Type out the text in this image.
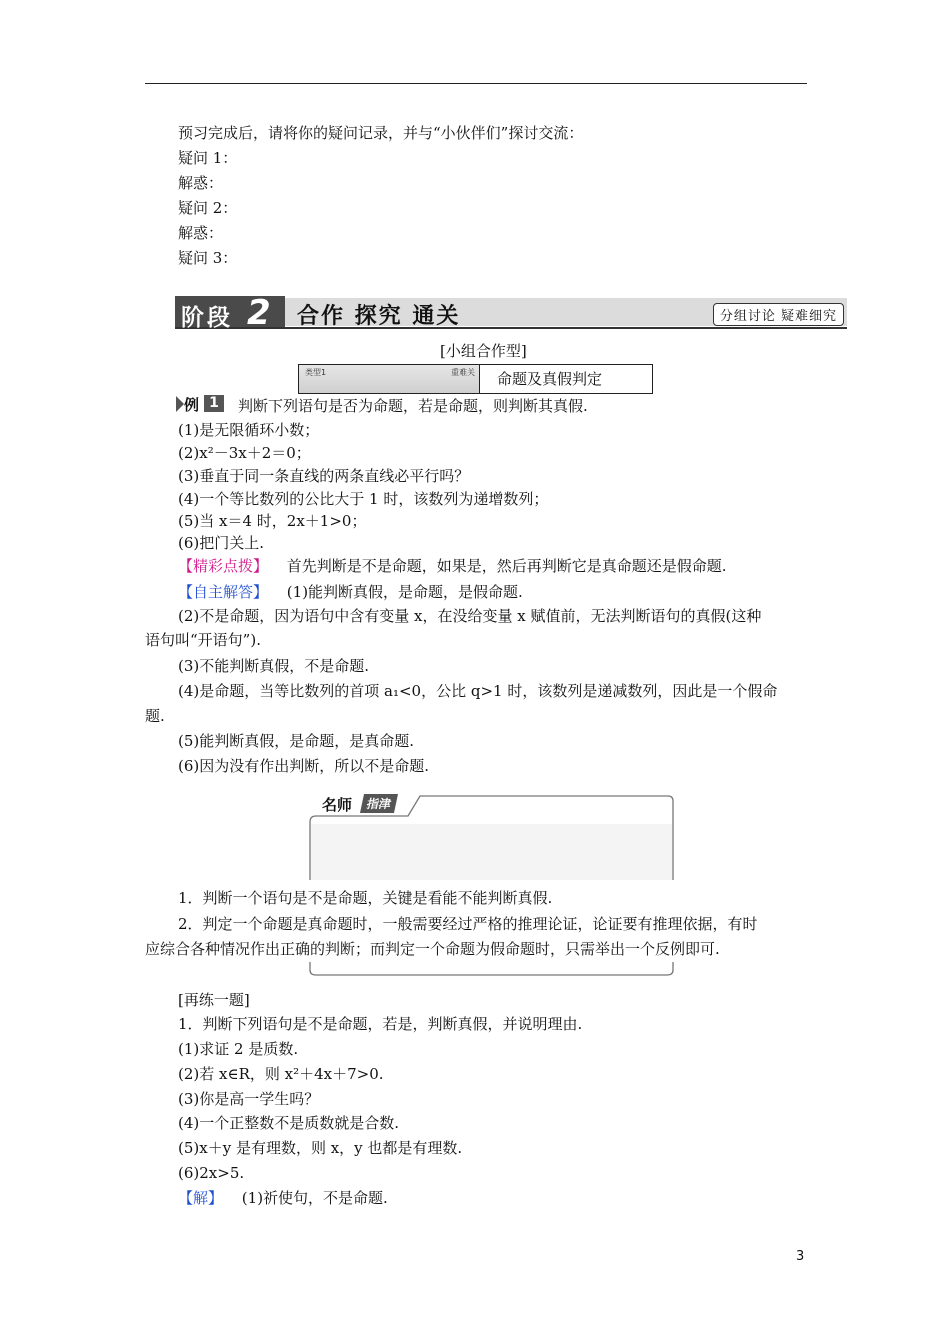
预习完成后，请将你的疑问记录，并与“小伙伴们”探讨交流：
疑问 1：
解惑：
疑问 2：
解惑：
疑问 3：
阶段 2	合作 探究 通关	分组讨论 疑难细究
[小组合作型]
类型1	重难关 命题及真假判定
例 1	判断下列语句是否为命题，若是命题，则判断其真假.
(1)是无限循环小数；
(2)x²－3x＋2＝0；
(3)垂直于同一条直线的两条直线必平行吗？
(4)一个等比数列的公比大于 1 时，该数列为递增数列；
(5)当 x＝4 时，2x＋1>0；
(6)把门关上.
【精彩点拨】 首先判断是不是命题，如果是，然后再判断它是真命题还是假命题.
【自主解答】 (1)能判断真假，是命题，是假命题.
(2)不是命题，因为语句中含有变量 x，在没给变量 x 赋值前，无法判断语句的真假(这种
语句叫“开语句”).
(3)不能判断真假，不是命题.
(4)是命题，当等比数列的首项 a₁<0，公比 q>1 时，该数列是递减数列，因此是一个假命
题.
(5)能判断真假，是命题，是真命题.
(6)因为没有作出判断，所以不是命题.
名师	指津
1．判断一个语句是不是命题，关键是看能不能判断真假.
2．判定一个命题是真命题时，一般需要经过严格的推理论证，论证要有推理依据，有时
应综合各种情况作出正确的判断；而判定一个命题为假命题时，只需举出一个反例即可.
[再练一题]
1．判断下列语句是不是命题，若是，判断真假，并说明理由.
(1)求证 2 是质数.
(2)若 x∈R，则 x²＋4x＋7>0.
(3)你是高一学生吗？
(4)一个正整数不是质数就是合数.
(5)x＋y 是有理数，则 x，y 也都是有理数.
(6)2x>5.
【解】 (1)祈使句，不是命题.
3
